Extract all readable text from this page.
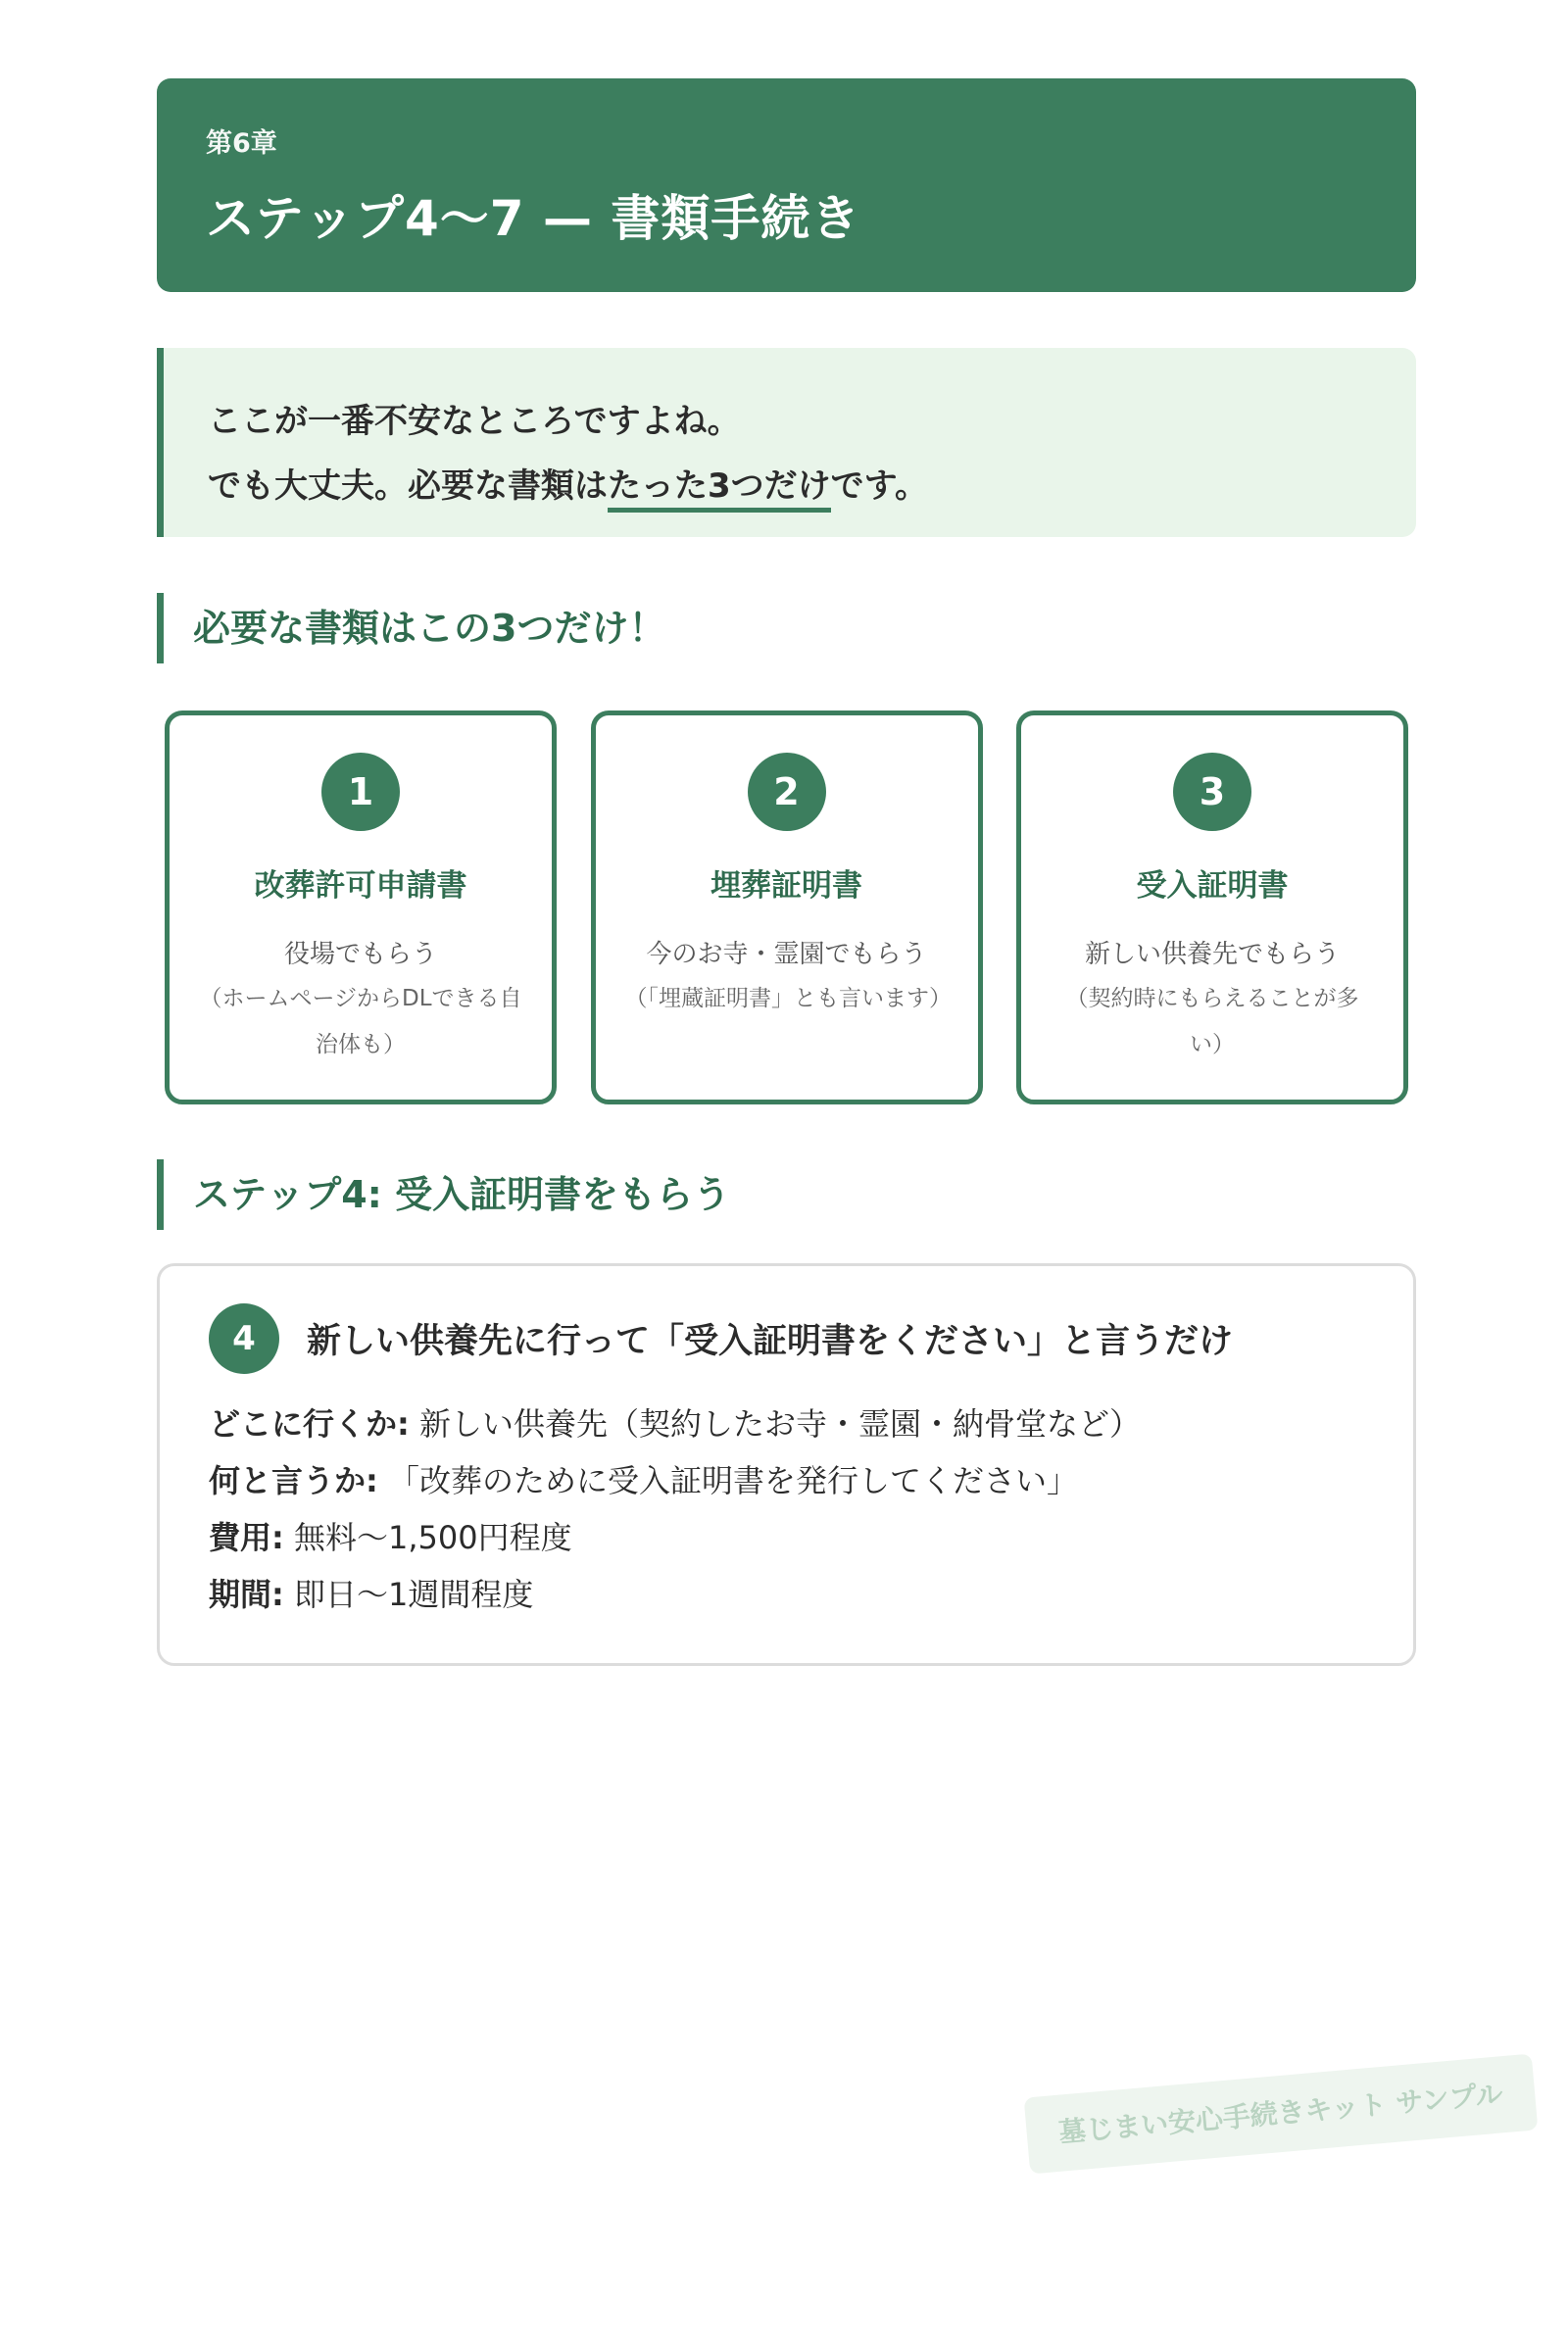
第6章
ステップ4〜7 — 書類手続き
ここが一番不安なところですよね。
でも大丈夫。必要な書類はたった3つだけです。
必要な書類はこの3つだけ！
1
改葬許可申請書
役場でもらう
（ホームページからDLできる自治体も）
2
埋葬証明書
今のお寺・霊園でもらう
（「埋蔵証明書」とも言います）
3
受入証明書
新しい供養先でもらう
（契約時にもらえることが多い）
ステップ4: 受入証明書をもらう
4	新しい供養先に行って「受入証明書をください」と言うだけ
どこに行くか: 新しい供養先（契約したお寺・霊園・納骨堂など）
何と言うか: 「改葬のために受入証明書を発行してください」
費用: 無料〜1,500円程度
期間: 即日〜1週間程度
墓じまい安心手続きキット サンプル
